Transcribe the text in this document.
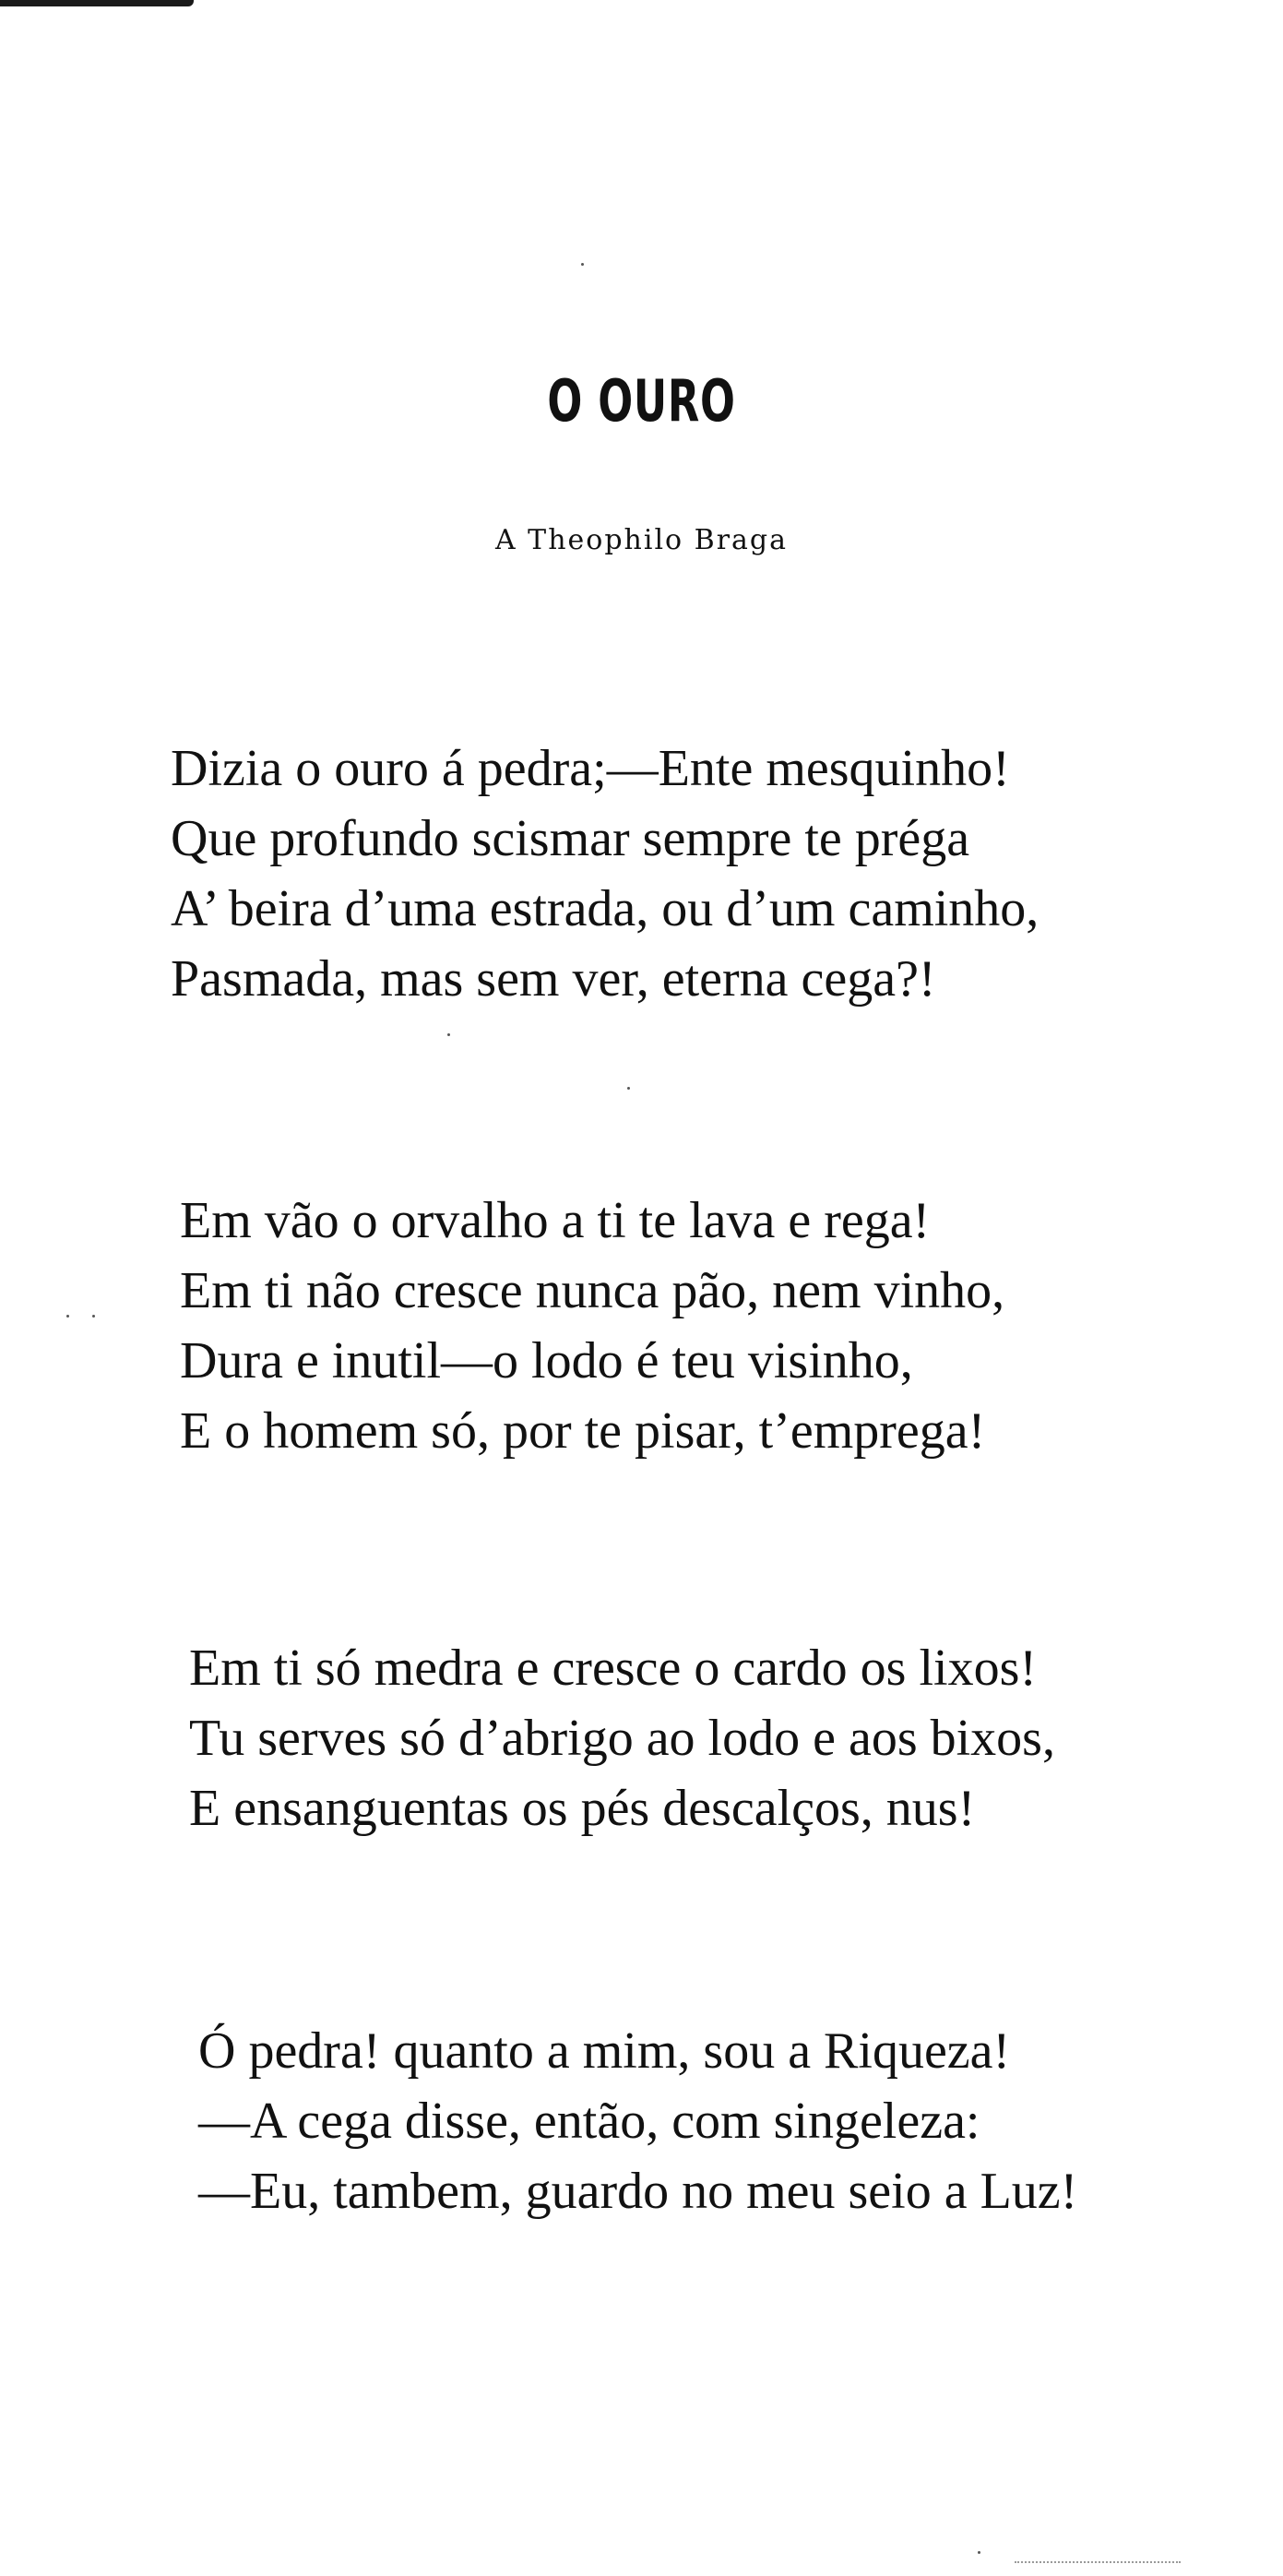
O OURO
A Theophilo Braga
Dizia o ouro á pedra;—Ente mesquinho!
Que profundo scismar sempre te préga
A’ beira d’uma estrada, ou d’um caminho,
Pasmada, mas sem ver, eterna cega?!
Em vão o orvalho a ti te lava e rega!
Em ti não cresce nunca pão, nem vinho,
Dura e inutil—o lodo é teu visinho,
E o homem só, por te pisar, t’emprega!
Em ti só medra e cresce o cardo os lixos!
Tu serves só d’abrigo ao lodo e aos bixos,
E ensanguentas os pés descalços, nus!
Ó pedra! quanto a mim, sou a Riqueza!
—A cega disse, então, com singeleza:
—Eu, tambem, guardo no meu seio a Luz!
